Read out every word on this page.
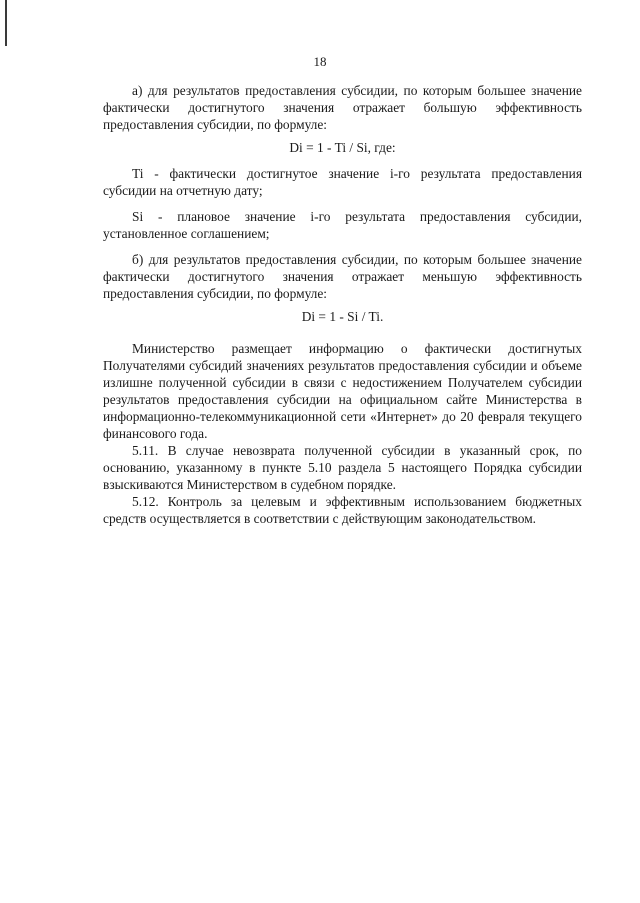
18

а) для результатов предоставления субсидии, по которым большее значение фактически достигнутого значения отражает большую эффективность предоставления субсидии, по формуле:

Di = 1 - Ti / Si, где:

Ti - фактически достигнутое значение i-го результата предоставления субсидии на отчетную дату;

Si - плановое значение i-го результата предоставления субсидии, установленное соглашением;

б) для результатов предоставления субсидии, по которым большее значение фактически достигнутого значения отражает меньшую эффективность предоставления субсидии, по формуле:

Di = 1 - Si / Ti.

Министерство размещает информацию о фактически достигнутых Получателями субсидий значениях результатов предоставления субсидии и объеме излишне полученной субсидии в связи с недостижением Получателем субсидии результатов предоставления субсидии на официальном сайте Министерства в информационно-телекоммуникационной сети «Интернет» до 20 февраля текущего финансового года.

5.11. В случае невозврата полученной субсидии в указанный срок, по основанию, указанному в пункте 5.10 раздела 5 настоящего Порядка субсидии взыскиваются Министерством в судебном порядке.

5.12. Контроль за целевым и эффективным использованием бюджетных средств осуществляется в соответствии с действующим законодательством.
